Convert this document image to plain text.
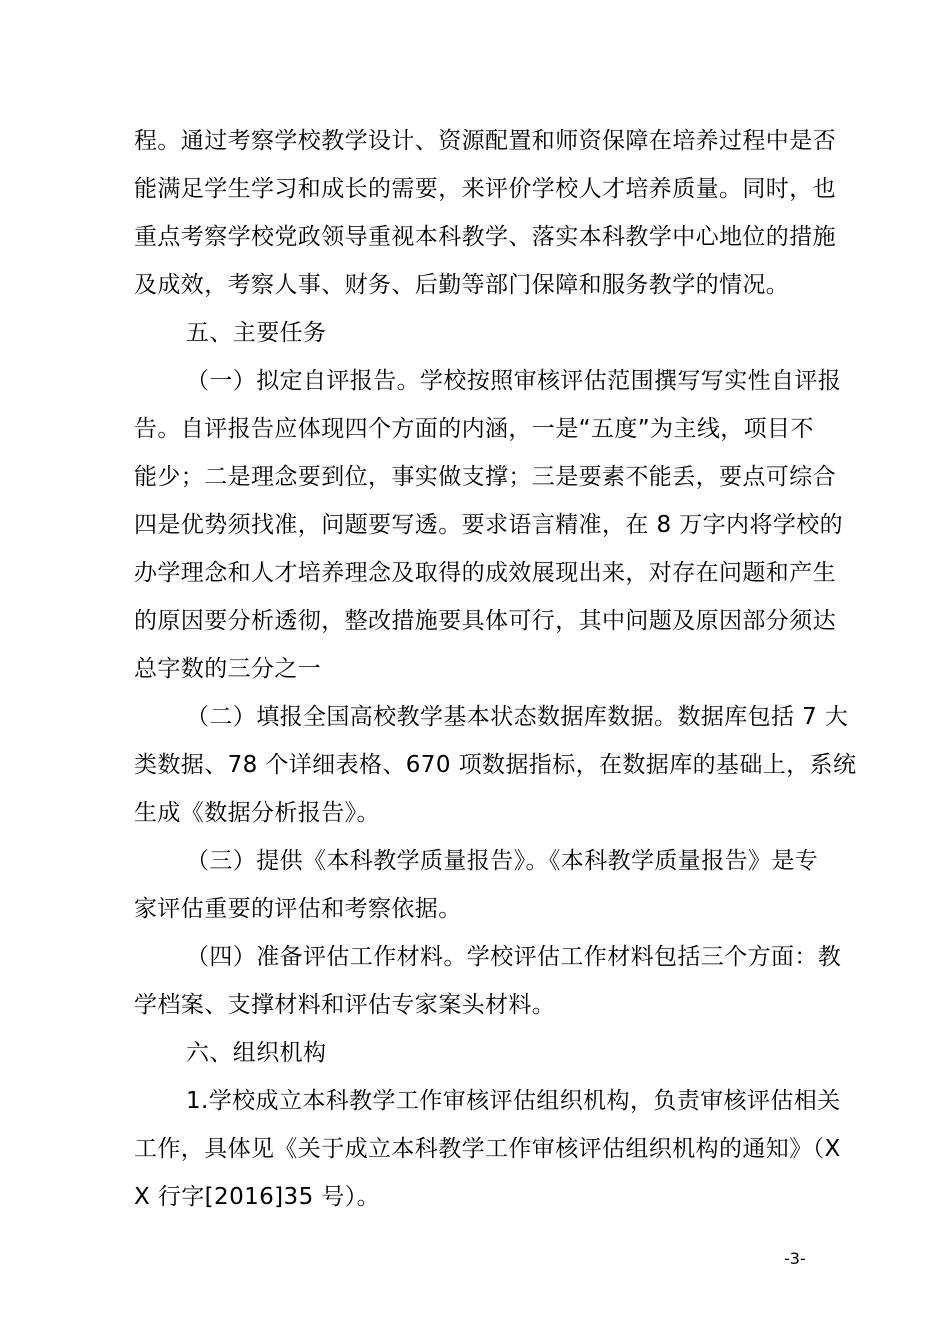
程。通过考察学校教学设计、资源配置和师资保障在培养过程中是否
能满足学生学习和成长的需要，来评价学校人才培养质量。同时，也
重点考察学校党政领导重视本科教学、落实本科教学中心地位的措施
及成效，考察人事、财务、后勤等部门保障和服务教学的情况。
五、主要任务
（一）拟定自评报告。学校按照审核评估范围撰写写实性自评报
告。自评报告应体现四个方面的内涵，一是“五度”为主线，项目不
能少；二是理念要到位，事实做支撑；三是要素不能丢，要点可综合
四是优势须找准，问题要写透。要求语言精准，在 8 万字内将学校的
办学理念和人才培养理念及取得的成效展现出来，对存在问题和产生
的原因要分析透彻，整改措施要具体可行，其中问题及原因部分须达
总字数的三分之一
（二）填报全国高校教学基本状态数据库数据。数据库包括 7 大
类数据、78 个详细表格、670 项数据指标，在数据库的基础上，系统
生成《数据分析报告》。
（三）提供《本科教学质量报告》。《本科教学质量报告》是专
家评估重要的评估和考察依据。
（四）准备评估工作材料。学校评估工作材料包括三个方面：教
学档案、支撑材料和评估专家案头材料。
六、组织机构
1.学校成立本科教学工作审核评估组织机构，负责审核评估相关
工作，具体见《关于成立本科教学工作审核评估组织机构的通知》（X
X 行字[2016]35 号）。
-3-
